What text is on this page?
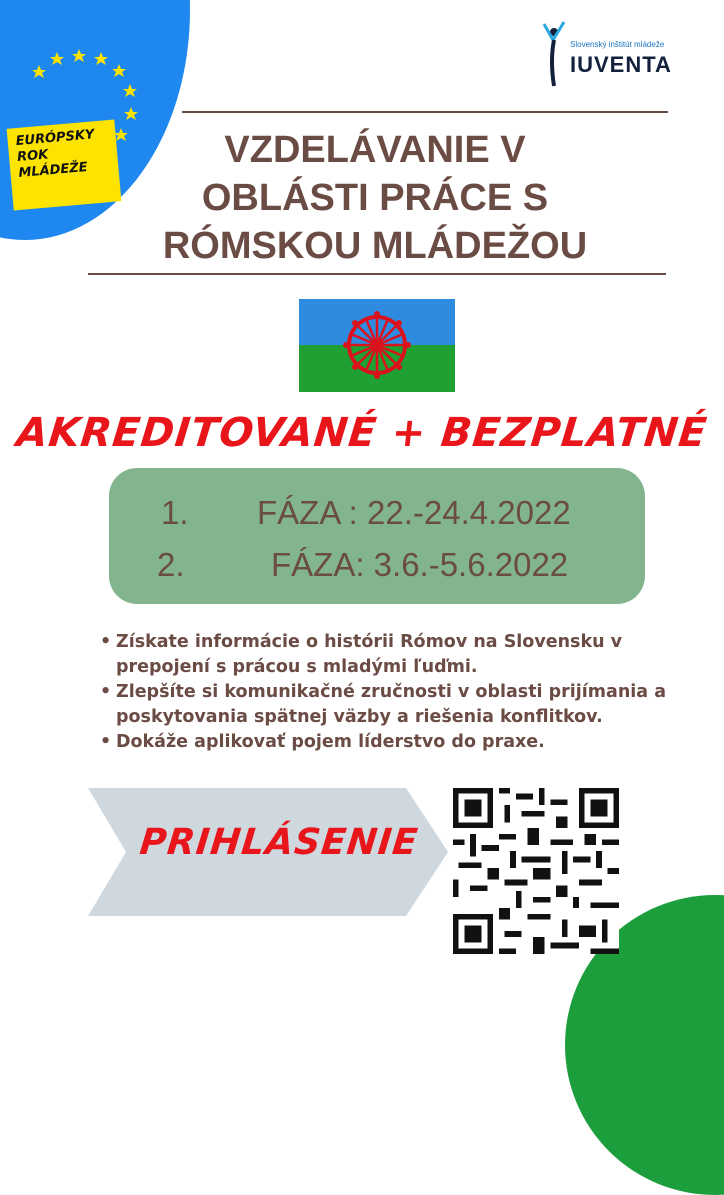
EURÓPSKY
ROK
MLÁDEŽE
Slovenský inštitút mládeže
IUVENTA
VZDELÁVANIE V
OBLÁSTI PRÁCE S
RÓMSKOU MLÁDEŽOU
AKREDITOVANÉ + BEZPLATNÉ
1. FÁZA : 22.-24.4.2022
2.	FÁZA: 3.6.-5.6.2022
• Získate informácie o histórii Rómov na Slovensku v prepojení s prácou s mladými ľuďmi.
• Zlepšíte si komunikačné zručnosti v oblasti prijímania a poskytovania spätnej väzby a riešenia konflitkov.
• Dokáže aplikovať pojem líderstvo do praxe.
PRIHLÁSENIE
